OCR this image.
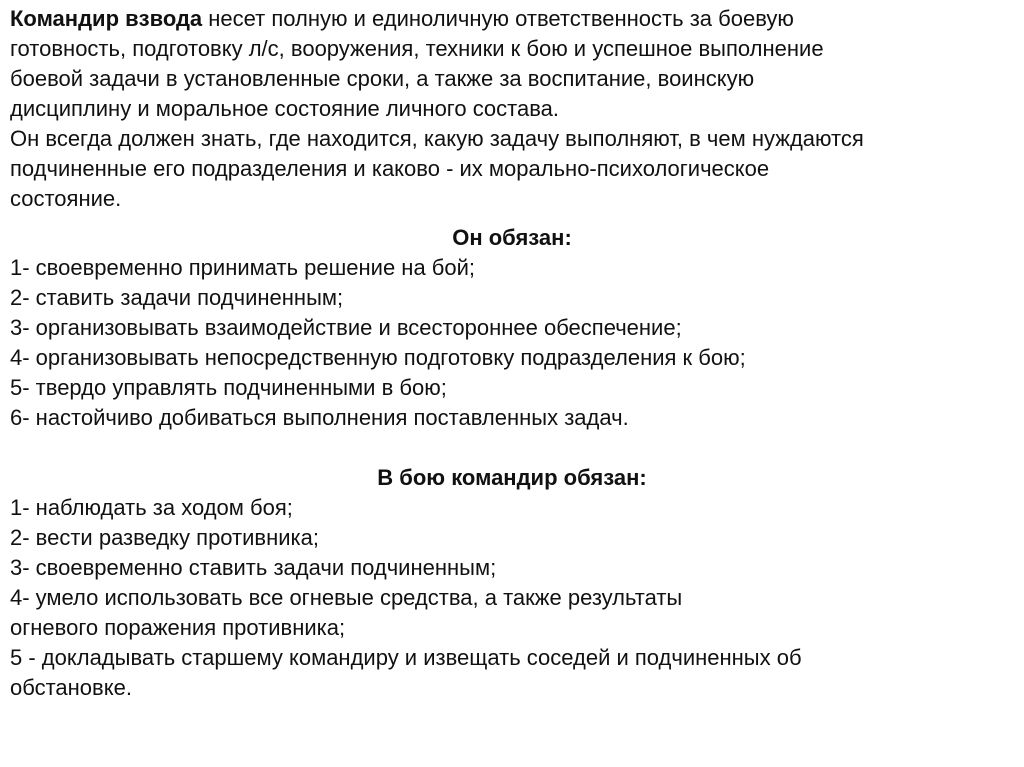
Командир взвода несет полную и единоличную ответственность за боевую
готовность, подготовку л/с, вооружения, техники к бою и успешное выполнение
боевой задачи в установленные сроки, а также за воспитание, воинскую
дисциплину и моральное состояние личного состава.

Он всегда должен знать, где находится, какую задачу выполняют, в чем нуждаются
подчиненные его подразделения и каково - их морально-психологическое
состояние.

Он обязан:

1- своевременно принимать решение на бой;
2- ставить задачи подчиненным;
3- организовывать взаимодействие и всестороннее обеспечение;
4- организовывать непосредственную подготовку подразделения к бою;
5- твердо управлять подчиненными в бою;
6- настойчиво добиваться выполнения поставленных задач.

В бою командир обязан:

1- наблюдать за ходом боя;
2- вести разведку противника;
3- своевременно ставить задачи подчиненным;
4- умело использовать все огневые средства, а также результаты
огневого поражения противника;
5 - докладывать старшему командиру и извещать соседей и подчиненных об
обстановке.
